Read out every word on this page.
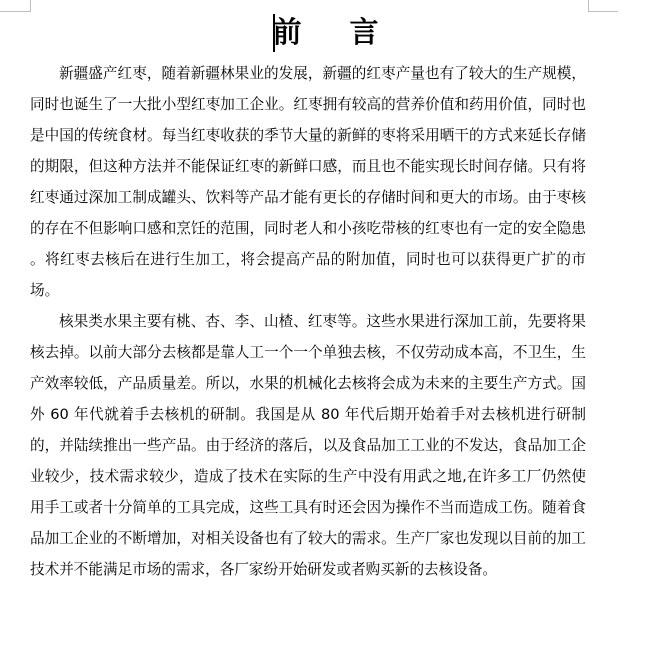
前 言

新疆盛产红枣，随着新疆林果业的发展，新疆的红枣产量也有了较大的生产规模，同时也诞生了一大批小型红枣加工企业。红枣拥有较高的营养价值和药用价值，同时也是中国的传统食材。每当红枣收获的季节大量的新鲜的枣将采用晒干的方式来延长存储的期限，但这种方法并不能保证红枣的新鲜口感，而且也不能实现长时间存储。只有将红枣通过深加工制成罐头、饮料等产品才能有更长的存储时间和更大的市场。由于枣核的存在不但影响口感和烹饪的范围，同时老人和小孩吃带核的红枣也有一定的安全隐患 。将红枣去核后在进行生加工，将会提高产品的附加值，同时也可以获得更广扩的市场。

核果类水果主要有桃、杏、李、山楂、红枣等。这些水果进行深加工前，先要将果核去掉。以前大部分去核都是靠人工一个一个单独去核，不仅劳动成本高，不卫生，生产效率较低，产品质量差。所以，水果的机械化去核将会成为未来的主要生产方式。国外 60 年代就着手去核机的研制。我国是从 80 年代后期开始着手对去核机进行研制的，并陆续推出一些产品。由于经济的落后，以及食品加工工业的不发达，食品加工企业较少，技术需求较少，造成了技术在实际的生产中没有用武之地,在许多工厂仍然使用手工或者十分简单的工具完成，这些工具有时还会因为操作不当而造成工伤。随着食品加工企业的不断增加，对相关设备也有了较大的需求。生产厂家也发现以目前的加工技术并不能满足市场的需求，各厂家纷开始研发或者购买新的去核设备。
